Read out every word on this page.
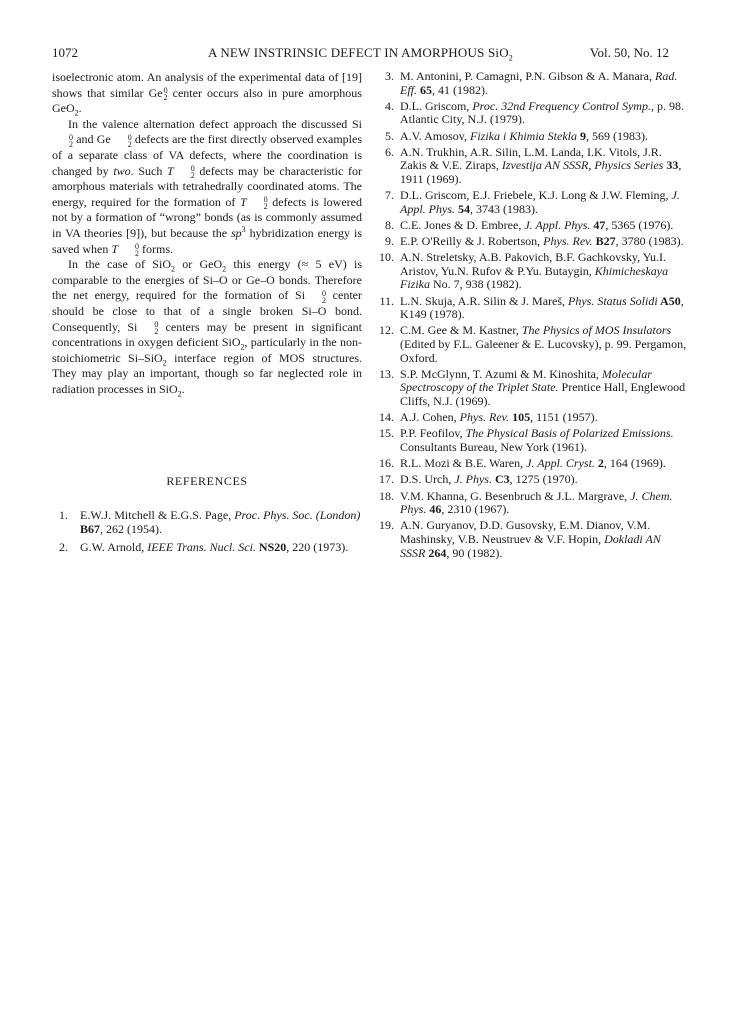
1072	A NEW INSTRINSIC DEFECT IN AMORPHOUS SiO$_2$	Vol. 50, No. 12

isoelectronic atom. An analysis of the experimental data of [19] shows that similar Ge 0
2 center occurs also in pure amorphous GeO$_2$.

In the valence alternation defect approach the discussed Si
0
2 and Ge	0
2 defects are the first directly observed examples of a separate class of VA defects, where the coordination is changed by two. Such T	0
2 defects may be characteristic for amorphous materials with tetrahedrally coordinated atoms. The energy, required for the formation of T	0
2 defects is lowered not by a formation of “wrong” bonds (as is commonly assumed in VA theories [9]), but because the $sp^3$ hybridization energy is saved when T	0
2 forms.

In the case of SiO$_2$ or GeO$_2$ this energy (≈ 5 eV) is comparable to the energies of Si–O or Ge–O bonds. Therefore the net energy, required for the formation of Si	0
2 center should be close to that of a single broken Si–O bond. Consequently, Si	0
2 centers may be present in significant concentrations in oxygen deficient SiO$_2$, particularly in the non-stoichiometric Si–SiO$_2$ interface region of MOS structures. They may play an important, though so far neglected role in radiation processes in SiO$_2$.

REFERENCES
1. E.W.J. Mitchell & E.G.S. Page, Proc. Phys. Soc. (London) B67, 262 (1954).
2. G.W. Arnold, IEEE Trans. Nucl. Sci. NS20, 220 (1973).
3. M. Antonini, P. Camagni, P.N. Gibson & A. Manara, Rad. Eff. 65, 41 (1982).
4. D.L. Griscom, Proc. 32nd Frequency Control Symp., p. 98. Atlantic City, N.J. (1979).
5. A.V. Amosov, Fizika i Khimia Stekla 9, 569 (1983).
6. A.N. Trukhin, A.R. Silin, L.M. Landa, I.K. Vitols, J.R. Zakis & V.E. Ziraps, Izvestija AN SSSR, Physics Series 33, 1911 (1969).
7. D.L. Griscom, E.J. Friebele, K.J. Long & J.W. Fleming, J. Appl. Phys. 54, 3743 (1983).
8. C.E. Jones & D. Embree, J. Appl. Phys. 47, 5365 (1976).
9. E.P. O'Reilly & J. Robertson, Phys. Rev. B27, 3780 (1983).
10. A.N. Streletsky, A.B. Pakovich, B.F. Gachkovsky, Yu.I. Aristov, Yu.N. Rufov & P.Yu. Butaygin, Khimicheskaya Fizika No. 7, 938 (1982).
11. L.N. Skuja, A.R. Silin & J. Mareš, Phys. Status Solidi A50, K149 (1978).
12. C.M. Gee & M. Kastner, The Physics of MOS Insulators (Edited by F.L. Galeener & E. Lucovsky), p. 99. Pergamon, Oxford.
13. S.P. McGlynn, T. Azumi & M. Kinoshita, Molecular Spectroscopy of the Triplet State. Prentice Hall, Englewood Cliffs, N.J. (1969).
14. A.J. Cohen, Phys. Rev. 105, 1151 (1957).
15. P.P. Feofilov, The Physical Basis of Polarized Emissions. Consultants Bureau, New York (1961).
16. R.L. Mozi & B.E. Waren, J. Appl. Cryst. 2, 164 (1969).
17. D.S. Urch, J. Phys. C3, 1275 (1970).
18. V.M. Khanna, G. Besenbruch & J.L. Margrave, J. Chem. Phys. 46, 2310 (1967).
19. A.N. Guryanov, D.D. Gusovsky, E.M. Dianov, V.M. Mashinsky, V.B. Neustruev & V.F. Hopin, Dokladi AN SSSR 264, 90 (1982).
